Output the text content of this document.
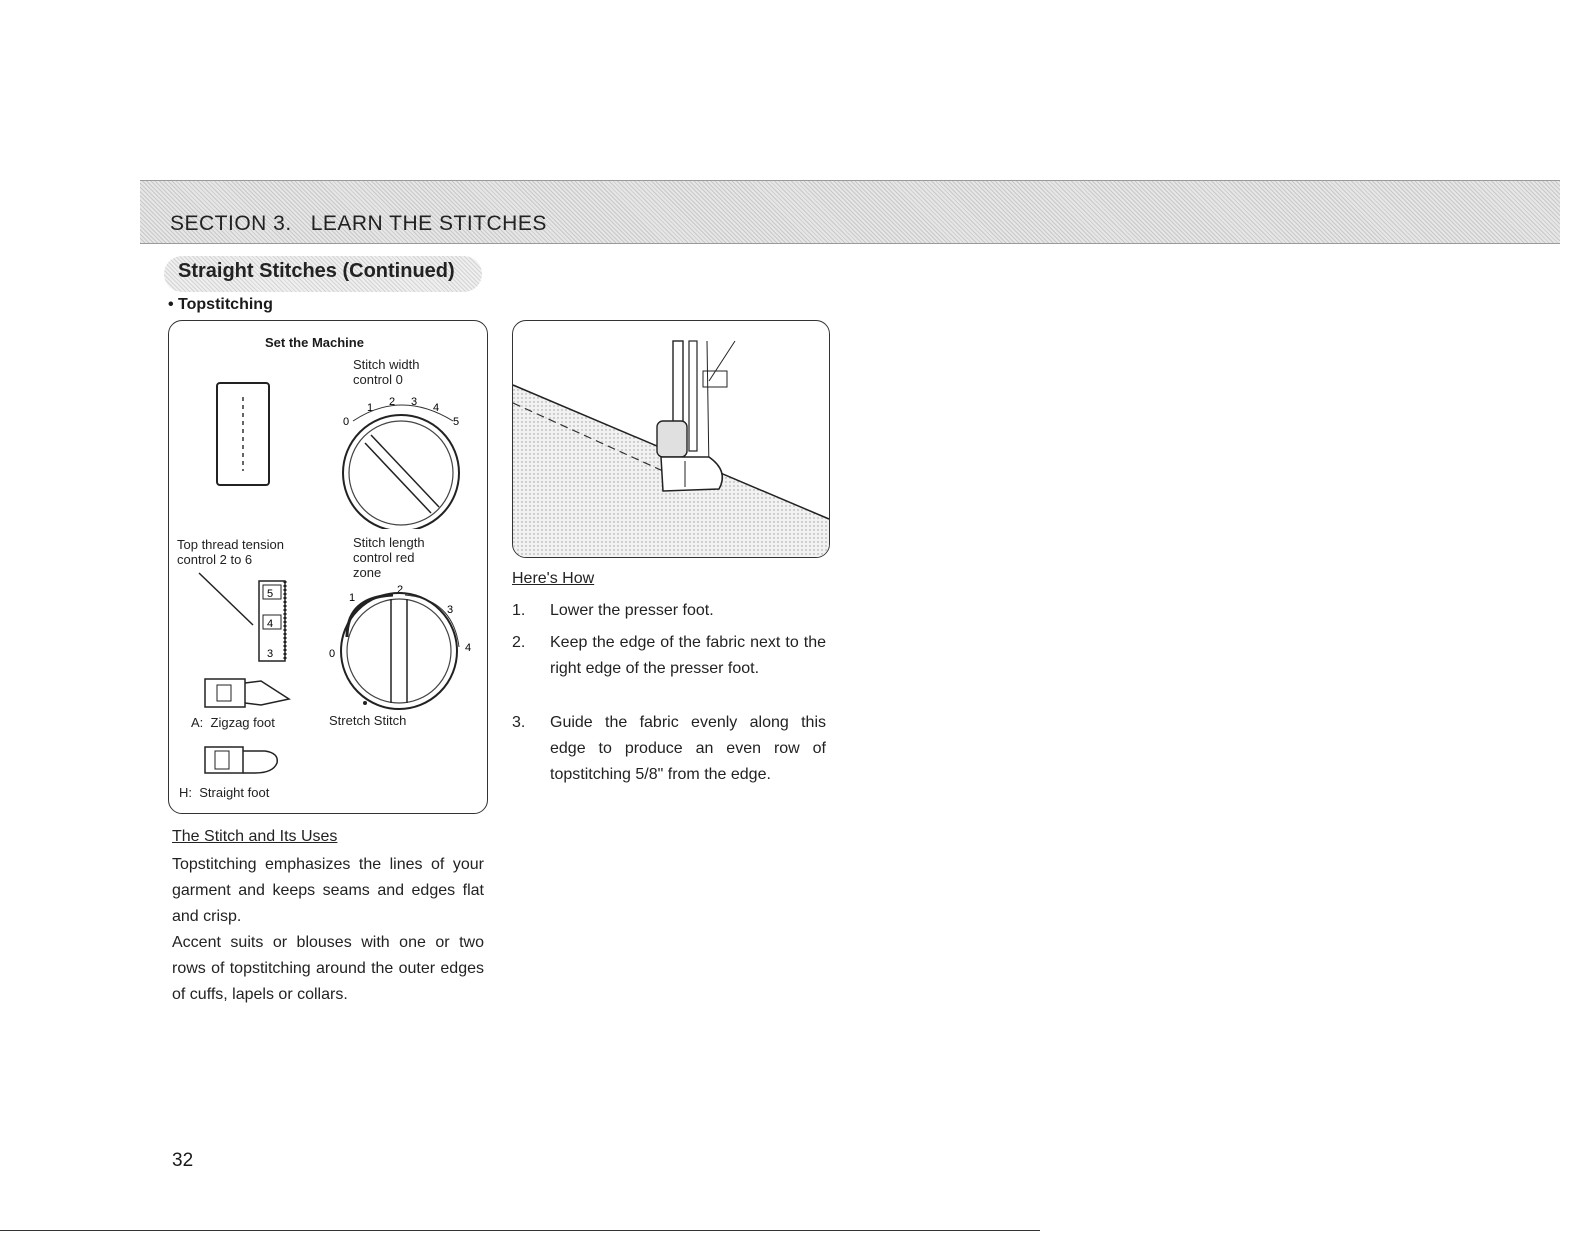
SECTION 3.   LEARN THE STITCHES
Straight Stitches (Continued)
• Topstitching
Set the Machine
Stitch width
control 0
0
1 2 3 4
5
Top thread tension
control 2 to 6
Stitch length
control red
zone
5
4
3	0
1
2
3
4
A:  Zigzag foot	Stretch Stitch
H:  Straight foot
Here's How
1. Lower the presser foot.
2. Keep the edge of the fabric next to the right edge of the presser foot.
3. Guide the fabric evenly along this edge to produce an even row of topstitching 5/8" from the edge.
The Stitch and Its Uses
Topstitching emphasizes the lines of your garment and keeps seams and edges flat and crisp.
Accent suits or blouses with one or two rows of topstitching around the outer edges of cuffs, lapels or collars.
32
